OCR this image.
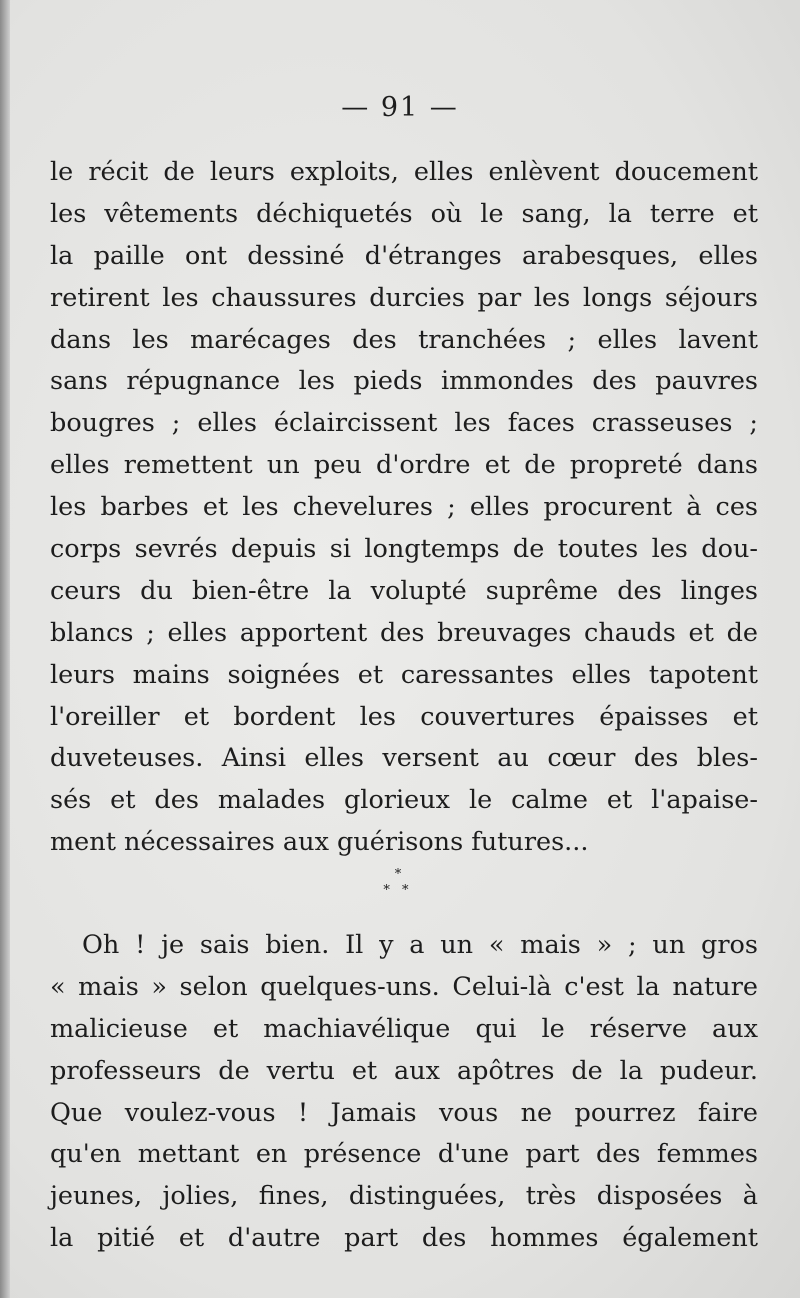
— 91 —
le récit de leurs exploits, elles enlèvent doucement
les vêtements déchiquetés où le sang, la terre et
la paille ont dessiné d'étranges arabesques, elles
retirent les chaussures durcies par les longs séjours
dans les marécages des tranchées ; elles lavent
sans répugnance les pieds immondes des pauvres
bougres ; elles éclaircissent les faces crasseuses ;
elles remettent un peu d'ordre et de propreté dans
les barbes et les chevelures ; elles procurent à ces
corps sevrés depuis si longtemps de toutes les dou-
ceurs du bien-être la volupté suprême des linges
blancs ; elles apportent des breuvages chauds et de
leurs mains soignées et caressantes elles tapotent
l'oreiller et bordent les couvertures épaisses et
duveteuses. Ainsi elles versent au cœur des bles-
sés et des malades glorieux le calme et l'apaise-
ment nécessaires aux guérisons futures...
*
* *
Oh ! je sais bien. Il y a un « mais » ; un gros
« mais » selon quelques-uns. Celui-là c'est la nature
malicieuse et machiavélique qui le réserve aux
professeurs de vertu et aux apôtres de la pudeur.
Que voulez-vous ! Jamais vous ne pourrez faire
qu'en mettant en présence d'une part des femmes
jeunes, jolies, fines, distinguées, très disposées à
la pitié et d'autre part des hommes également
